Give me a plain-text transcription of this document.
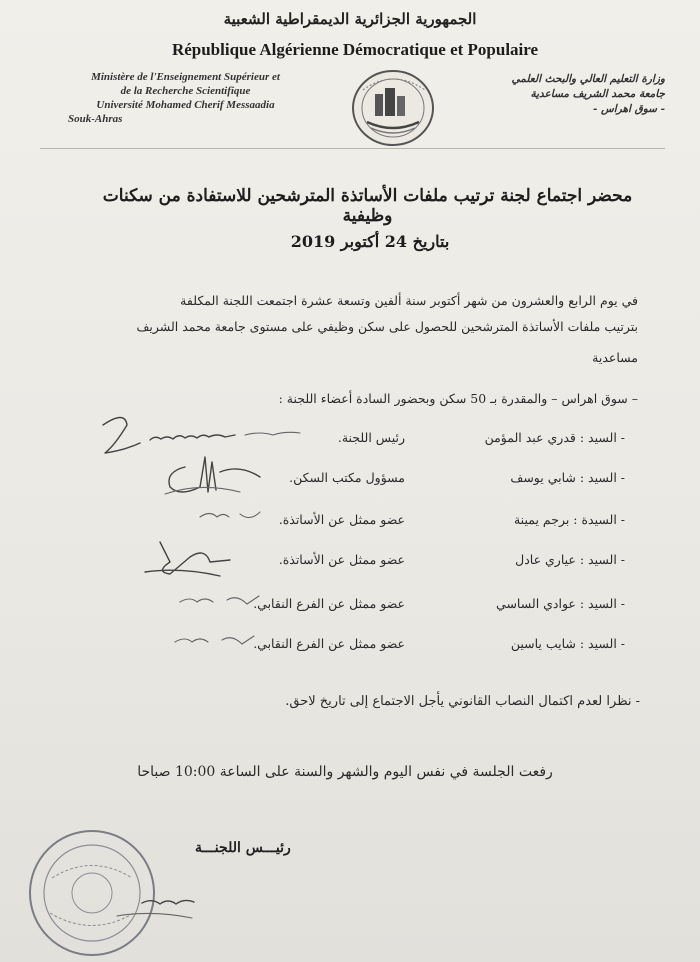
الجمهورية الجزائرية الديمقراطية الشعبية
République Algérienne Démocratique et Populaire
Ministère de l'Enseignement Supérieur et
de la Recherche Scientifique
Université Mohamed Cherif Messaadia
Souk-Ahras
وزارة التعليم العالي والبحث العلمي
جامعة محمد الشريف مساعدية
- سوق اهراس -
محضر اجتماع لجنة ترتيب ملفات الأساتذة المترشحين للاستفادة من سكنات وظيفية
بتاريخ 24 أكتوبر 2019
في يوم الرابع والعشرون من شهر أكتوبر سنة ألفين وتسعة عشرة اجتمعت اللجنة المكلفة
بترتيب ملفات الأساتذة المترشحين للحصول على سكن وظيفي على مستوى جامعة محمد الشريف
مساعدية
– سوق اهراس – والمقدرة بـ 50 سكن وبحضور السادة أعضاء اللجنة :
- السيد : قدري عبد المؤمن
رئيس اللجنة.
- السيد : شابي يوسف
مسؤول مكتب السكن.
- السيدة : برجم يمينة
عضو ممثل عن الأساتذة.
- السيد : عياري عادل
عضو ممثل عن الأساتذة.
- السيد : عوادي الساسي
عضو ممثل عن الفرع النقابي.
- السيد : شايب ياسين
عضو ممثل عن الفرع النقابي.
- نظرا لعدم اكتمال النصاب القانوني يأجل الاجتماع إلى تاريخ لاحق.
رفعت الجلسة في نفس اليوم والشهر والسنة على الساعة 10:00 صباحا
رئيـــس اللجنـــة
